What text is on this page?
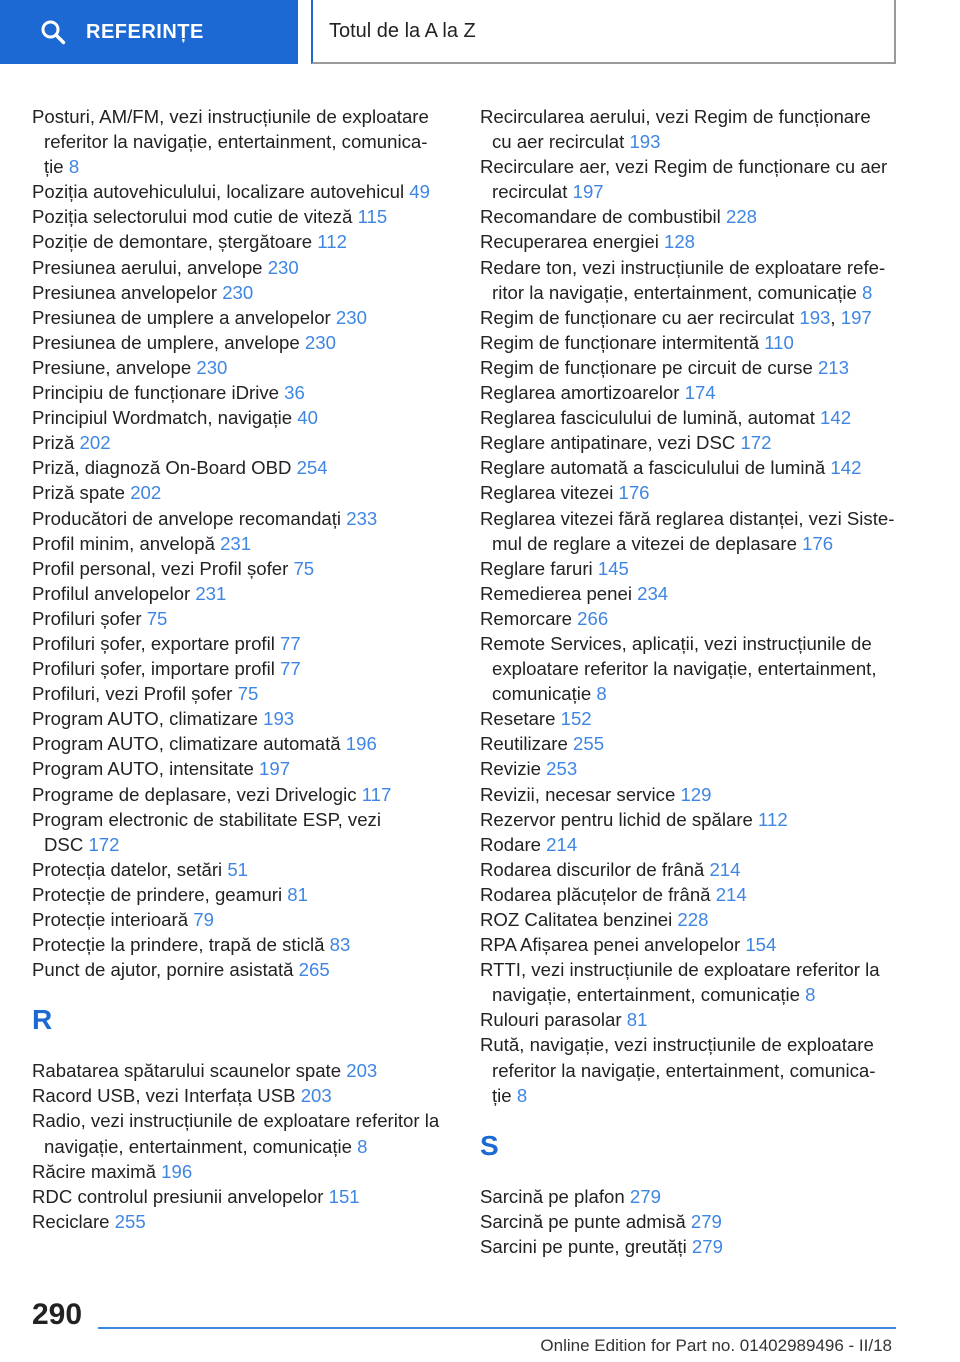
REFERINȚE	Totul de la A la Z
Posturi, AM/FM, vezi instrucțiunile de exploatare
referitor la navigație, entertainment, comunica-
ție 8
Poziția autovehiculului, localizare autovehicul 49
Poziția selectorului mod cutie de viteză 115
Poziție de demontare, ștergătoare 112
Presiunea aerului, anvelope 230
Presiunea anvelopelor 230
Presiunea de umplere a anvelopelor 230
Presiunea de umplere, anvelope 230
Presiune, anvelope 230
Principiu de funcționare iDrive 36
Principiul Wordmatch, navigație 40
Priză 202
Priză, diagnoză On-Board OBD 254
Priză spate 202
Producători de anvelope recomandați 233
Profil minim, anvelopă 231
Profil personal, vezi Profil șofer 75
Profilul anvelopelor 231
Profiluri șofer 75
Profiluri șofer, exportare profil 77
Profiluri șofer, importare profil 77
Profiluri, vezi Profil șofer 75
Program AUTO, climatizare 193
Program AUTO, climatizare automată 196
Program AUTO, intensitate 197
Programe de deplasare, vezi Drivelogic 117
Program electronic de stabilitate ESP, vezi
DSC 172
Protecția datelor, setări 51
Protecție de prindere, geamuri 81
Protecție interioară 79
Protecție la prindere, trapă de sticlă 83
Punct de ajutor, pornire asistată 265
R
Rabatarea spătarului scaunelor spate 203
Racord USB, vezi Interfața USB 203
Radio, vezi instrucțiunile de exploatare referitor la
navigație, entertainment, comunicație 8
Răcire maximă 196
RDC controlul presiunii anvelopelor 151
Reciclare 255
Recircularea aerului, vezi Regim de funcționare
cu aer recirculat 193
Recirculare aer, vezi Regim de funcționare cu aer
recirculat 197
Recomandare de combustibil 228
Recuperarea energiei 128
Redare ton, vezi instrucțiunile de exploatare refe-
ritor la navigație, entertainment, comunicație 8
Regim de funcționare cu aer recirculat 193, 197
Regim de funcționare intermitentă 110
Regim de funcționare pe circuit de curse 213
Reglarea amortizoarelor 174
Reglarea fasciculului de lumină, automat 142
Reglare antipatinare, vezi DSC 172
Reglare automată a fasciculului de lumină 142
Reglarea vitezei 176
Reglarea vitezei fără reglarea distanței, vezi Siste-
mul de reglare a vitezei de deplasare 176
Reglare faruri 145
Remedierea penei 234
Remorcare 266
Remote Services, aplicații, vezi instrucțiunile de
exploatare referitor la navigație, entertainment,
comunicație 8
Resetare 152
Reutilizare 255
Revizie 253
Revizii, necesar service 129
Rezervor pentru lichid de spălare 112
Rodare 214
Rodarea discurilor de frână 214
Rodarea plăcuțelor de frână 214
ROZ Calitatea benzinei 228
RPA Afișarea penei anvelopelor 154
RTTI, vezi instrucțiunile de exploatare referitor la
navigație, entertainment, comunicație 8
Rulouri parasolar 81
Rută, navigație, vezi instrucțiunile de exploatare
referitor la navigație, entertainment, comunica-
ție 8
S
Sarcină pe plafon 279
Sarcină pe punte admisă 279
Sarcini pe punte, greutăți 279
290
Online Edition for Part no. 01402989496 - II/18
